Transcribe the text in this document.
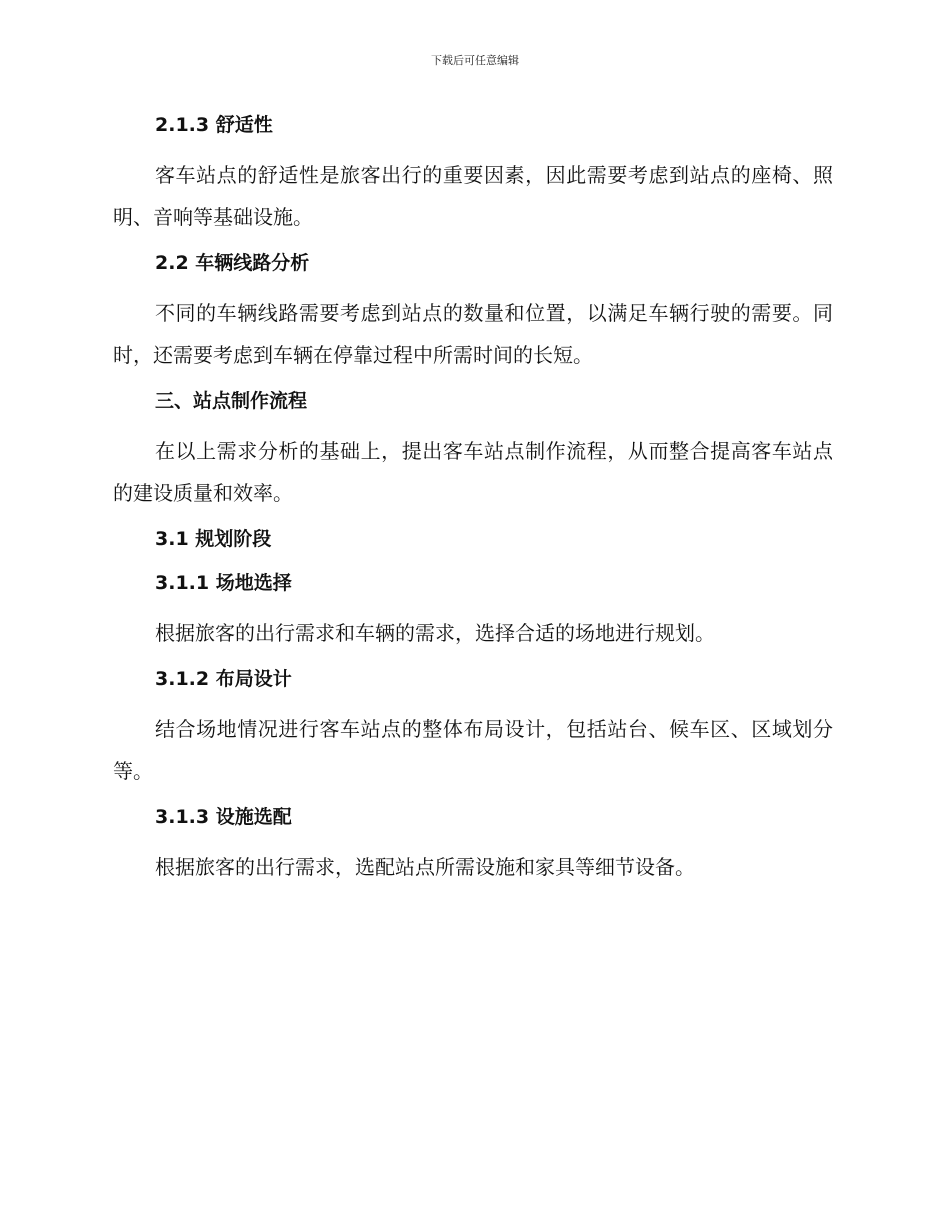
下载后可任意编辑
2.1.3 舒适性

客车站点的舒适性是旅客出行的重要因素，因此需要考虑到站点的座椅、照明、音响等基础设施。

2.2 车辆线路分析

不同的车辆线路需要考虑到站点的数量和位置，以满足车辆行驶的需要。同时，还需要考虑到车辆在停靠过程中所需时间的长短。

三、站点制作流程

在以上需求分析的基础上，提出客车站点制作流程，从而整合提高客车站点的建设质量和效率。

3.1 规划阶段
3.1.1 场地选择

根据旅客的出行需求和车辆的需求，选择合适的场地进行规划。

3.1.2 布局设计

结合场地情况进行客车站点的整体布局设计，包括站台、候车区、区域划分等。

3.1.3 设施选配

根据旅客的出行需求，选配站点所需设施和家具等细节设备。
